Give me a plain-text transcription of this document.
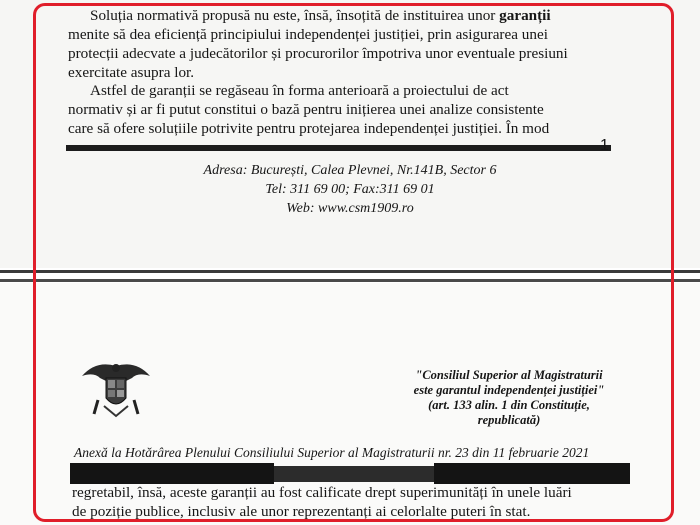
Soluția normativă propusă nu este, însă, însoțită de instituirea unor garanții
menite să dea eficiență principiului independenței justiției, prin asigurarea unei
protecții adecvate a judecătorilor și procurorilor împotriva unor eventuale presiuni
exercitate asupra lor.

Astfel de garanții se regăseau în forma anterioară a proiectului de act
normativ și ar fi putut constitui o bază pentru inițierea unei analize consistente
care să ofere soluțiile potrivite pentru protejarea independenței justiției. În mod

1
Adresa: București, Calea Plevnei, Nr.141B, Sector 6
Tel: 311 69 00; Fax:311 69 01
Web: www.csm1909.ro
"Consiliul Superior al Magistraturii
este garantul independenței justiției"
(art. 133 alin. 1 din Constituție,
republicată)
Anexă la Hotărârea Plenului Consiliului Superior al Magistraturii nr. 23 din 11 februarie 2021
regretabil, însă, aceste garanții au fost calificate drept superimunități în unele luări
de poziție publice, inclusiv ale unor reprezentanți ai celorlalte puteri în stat.
